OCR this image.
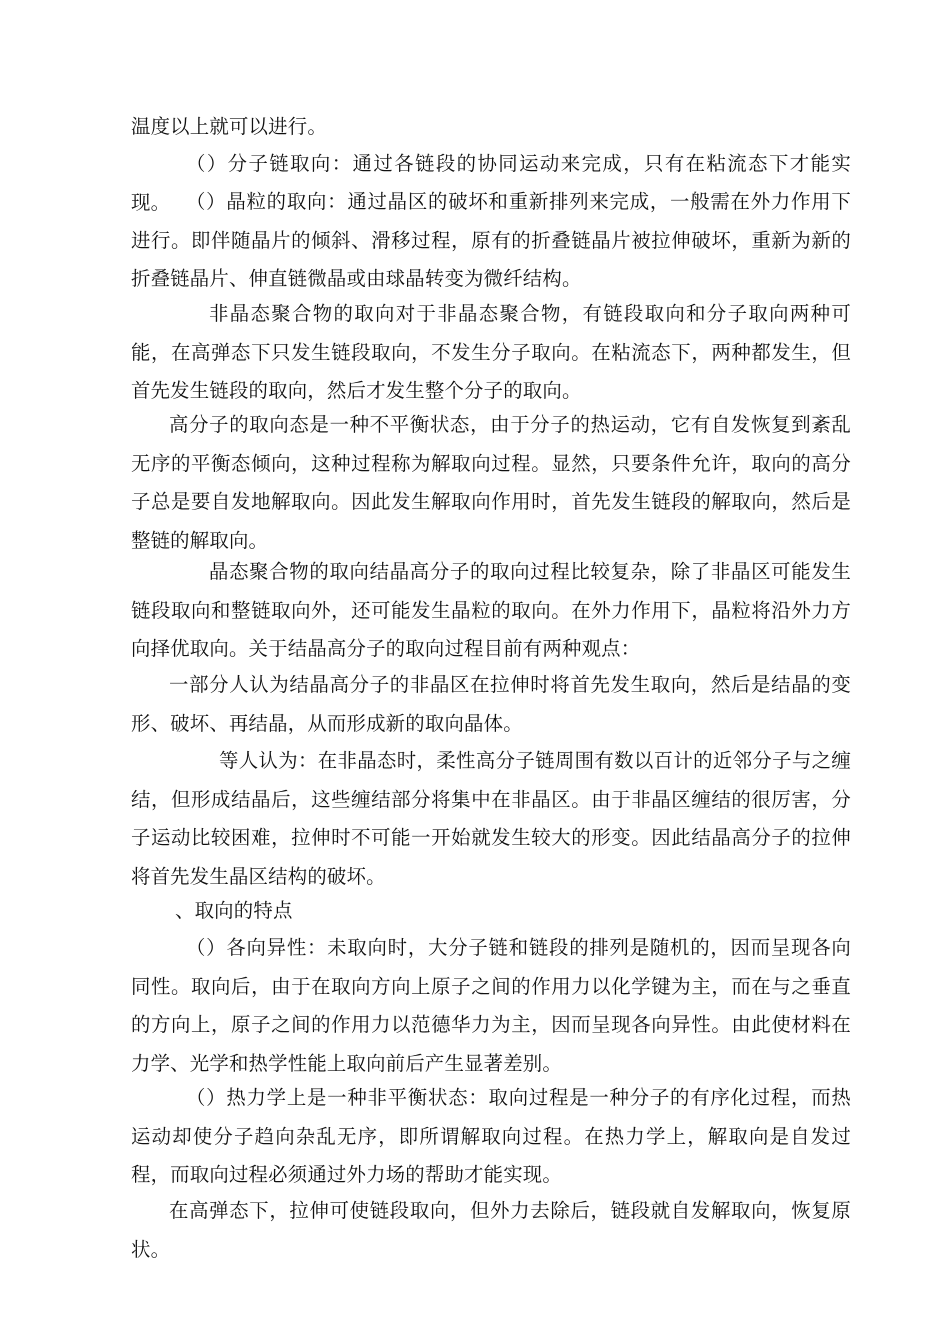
温度以上就可以进行。

（）分子链取向：通过各链段的协同运动来完成，只有在粘流态下才能实现。 （）晶粒的取向：通过晶区的破坏和重新排列来完成，一般需在外力作用下进行。即伴随晶片的倾斜、滑移过程，原有的折叠链晶片被拉伸破坏，重新为新的折叠链晶片、伸直链微晶或由球晶转变为微纤结构。

非晶态聚合物的取向对于非晶态聚合物，有链段取向和分子取向两种可能，在高弹态下只发生链段取向，不发生分子取向。在粘流态下，两种都发生，但首先发生链段的取向，然后才发生整个分子的取向。

高分子的取向态是一种不平衡状态，由于分子的热运动，它有自发恢复到紊乱无序的平衡态倾向，这种过程称为解取向过程。显然，只要条件允许，取向的高分子总是要自发地解取向。因此发生解取向作用时，首先发生链段的解取向，然后是整链的解取向。

晶态聚合物的取向结晶高分子的取向过程比较复杂，除了非晶区可能发生链段取向和整链取向外，还可能发生晶粒的取向。在外力作用下，晶粒将沿外力方向择优取向。关于结晶高分子的取向过程目前有两种观点：

一部分人认为结晶高分子的非晶区在拉伸时将首先发生取向，然后是结晶的变形、破坏、再结晶，从而形成新的取向晶体。

等人认为：在非晶态时，柔性高分子链周围有数以百计的近邻分子与之缠结，但形成结晶后，这些缠结部分将集中在非晶区。由于非晶区缠结的很厉害，分子运动比较困难，拉伸时不可能一开始就发生较大的形变。因此结晶高分子的拉伸将首先发生晶区结构的破坏。

、取向的特点

（）各向异性：未取向时，大分子链和链段的排列是随机的，因而呈现各向同性。取向后，由于在取向方向上原子之间的作用力以化学键为主，而在与之垂直的方向上，原子之间的作用力以范德华力为主，因而呈现各向异性。由此使材料在力学、光学和热学性能上取向前后产生显著差别。

（）热力学上是一种非平衡状态：取向过程是一种分子的有序化过程，而热运动却使分子趋向杂乱无序，即所谓解取向过程。在热力学上，解取向是自发过程，而取向过程必须通过外力场的帮助才能实现。

在高弹态下，拉伸可使链段取向，但外力去除后，链段就自发解取向，恢复原状。
